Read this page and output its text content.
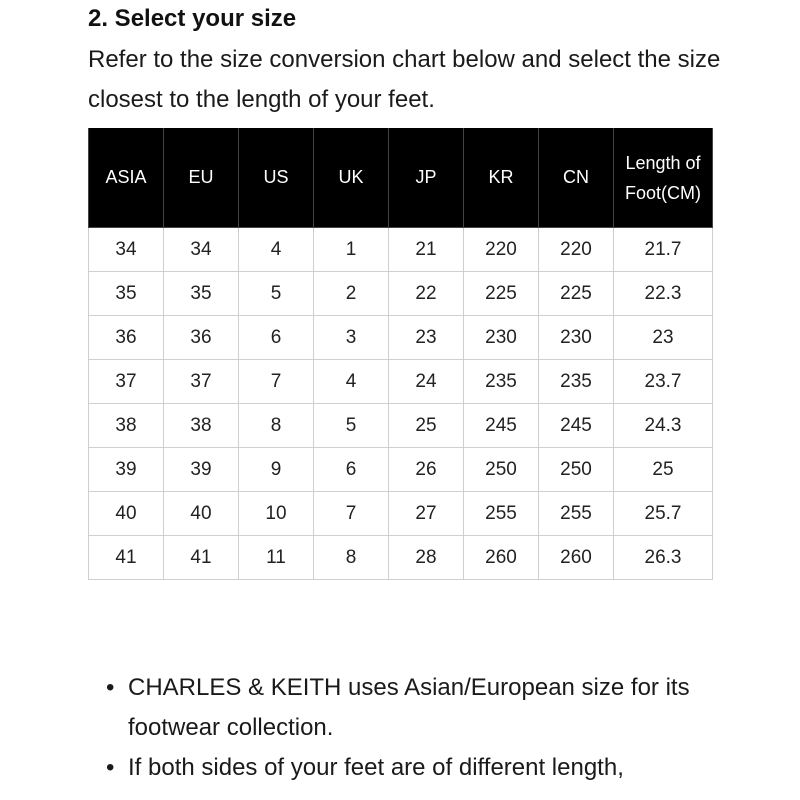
2. Select your size

Refer to the size conversion chart below and select the size closest to the length of your feet.

ASIA	EU	US	UK	JP	KR	CN	Length of
Foot(CM)
34	34	4	1	21	220	220	21.7
35	35	5	2	22	225	225	22.3
36	36	6	3	23	230	230	23
37	37	7	4	24	235	235	23.7
38	38	8	5	25	245	245	24.3
39	39	9	6	26	250	250	25
40	40	10	7	27	255	255	25.7
41	41	11	8	28	260	260	26.3
• CHARLES & KEITH uses Asian/European size for its footwear collection.
• If both sides of your feet are of different length,
